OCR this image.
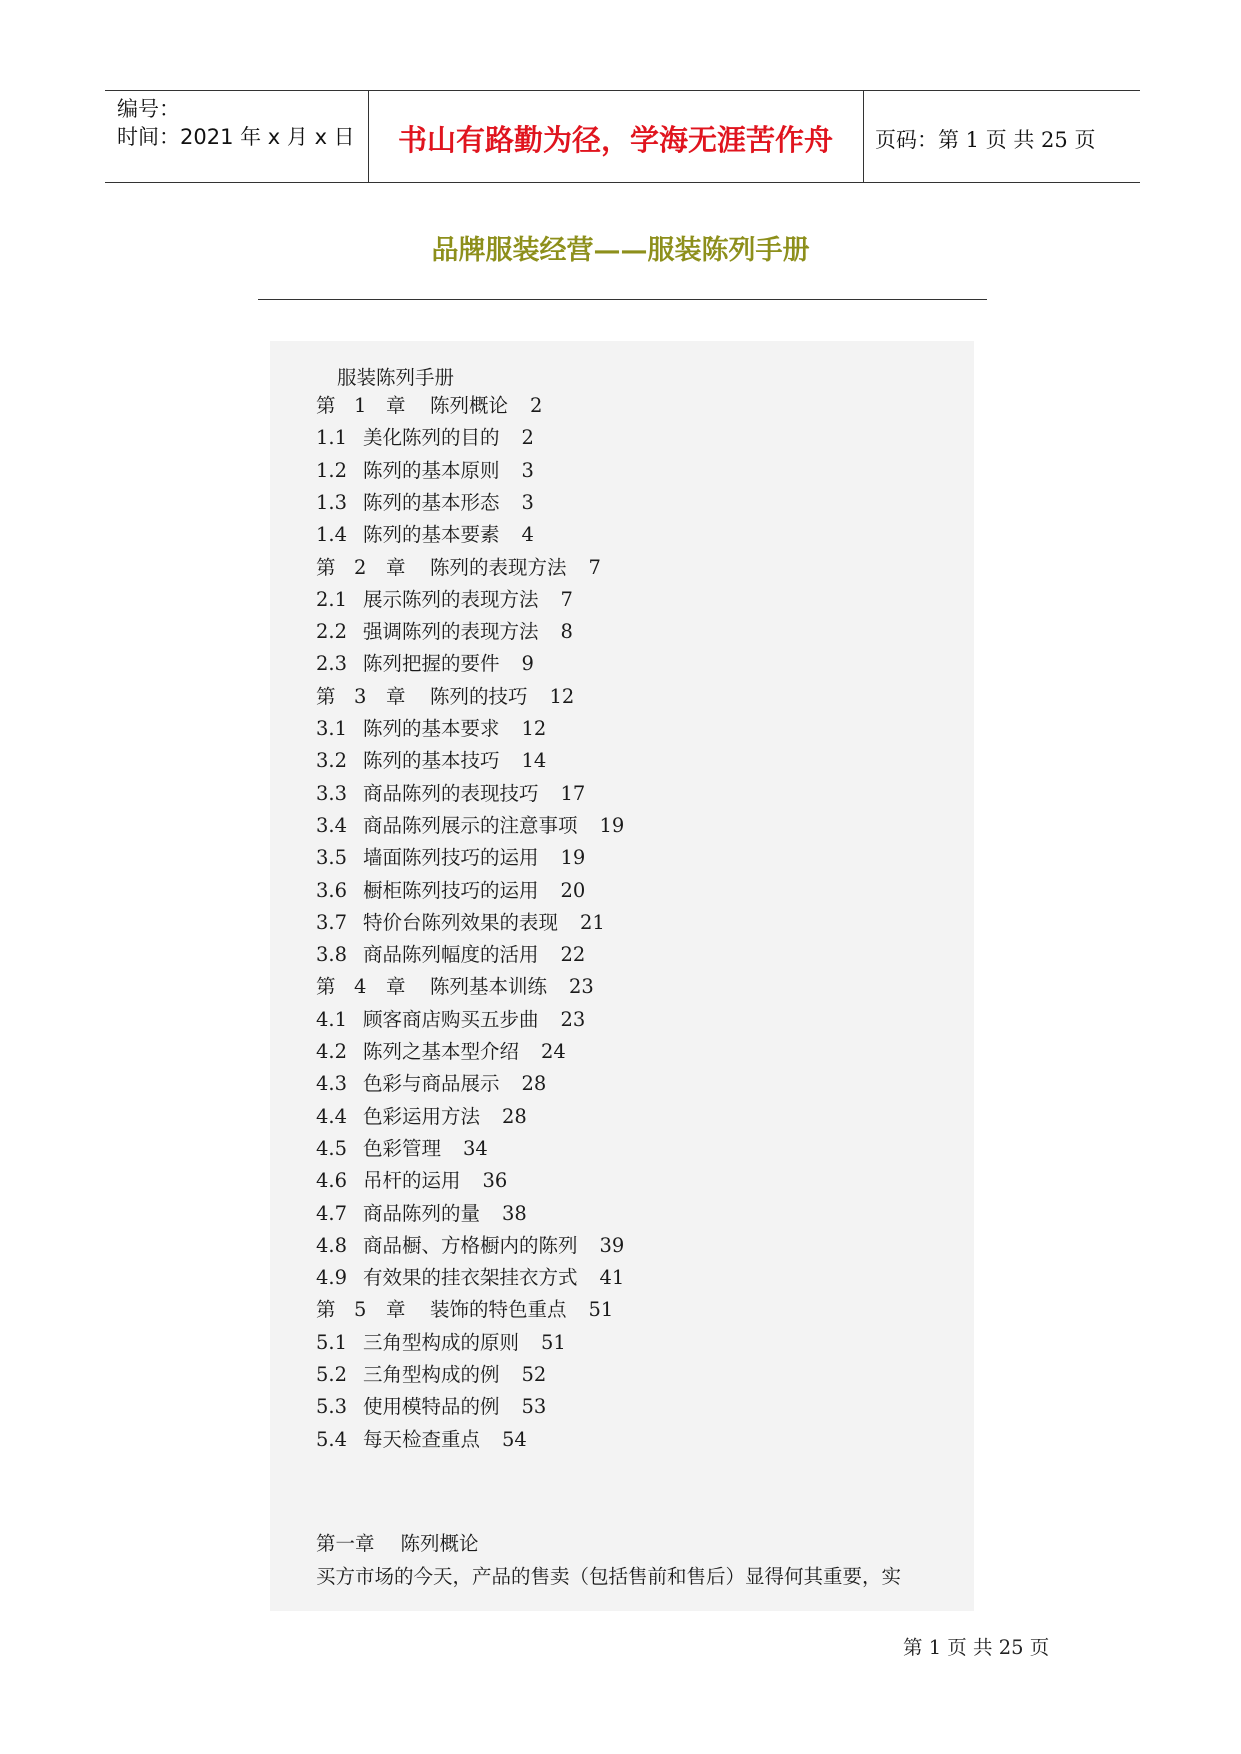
编号：
时间：2021 年 x 月 x 日	书山有路勤为径，学海无涯苦作舟	页码：第 1 页 共 25 页
品牌服装经营——服装陈列手册
服装陈列手册
第 1 章 陈列概论 2
1.1 美化陈列的目的 2
1.2 陈列的基本原则 3
1.3 陈列的基本形态 3
1.4 陈列的基本要素 4
第 2 章 陈列的表现方法 7
2.1 展示陈列的表现方法 7
2.2 强调陈列的表现方法 8
2.3 陈列把握的要件 9
第 3 章 陈列的技巧 12
3.1 陈列的基本要求 12
3.2 陈列的基本技巧 14
3.3 商品陈列的表现技巧 17
3.4 商品陈列展示的注意事项 19
3.5 墙面陈列技巧的运用 19
3.6 橱柜陈列技巧的运用 20
3.7 特价台陈列效果的表现 21
3.8 商品陈列幅度的活用 22
第 4 章 陈列基本训练 23
4.1 顾客商店购买五步曲 23
4.2 陈列之基本型介绍 24
4.3 色彩与商品展示 28
4.4 色彩运用方法 28
4.5 色彩管理 34
4.6 吊杆的运用 36
4.7 商品陈列的量 38
4.8 商品橱、方格橱内的陈列 39
4.9 有效果的挂衣架挂衣方式 41
第 5 章 装饰的特色重点 51
5.1 三角型构成的原则 51
5.2 三角型构成的例 52
5.3 使用模特品的例 53
5.4 每天检查重点 54
第一章 陈列概论
买方市场的今天，产品的售卖（包括售前和售后）显得何其重要，实
第 1 页 共 25 页
